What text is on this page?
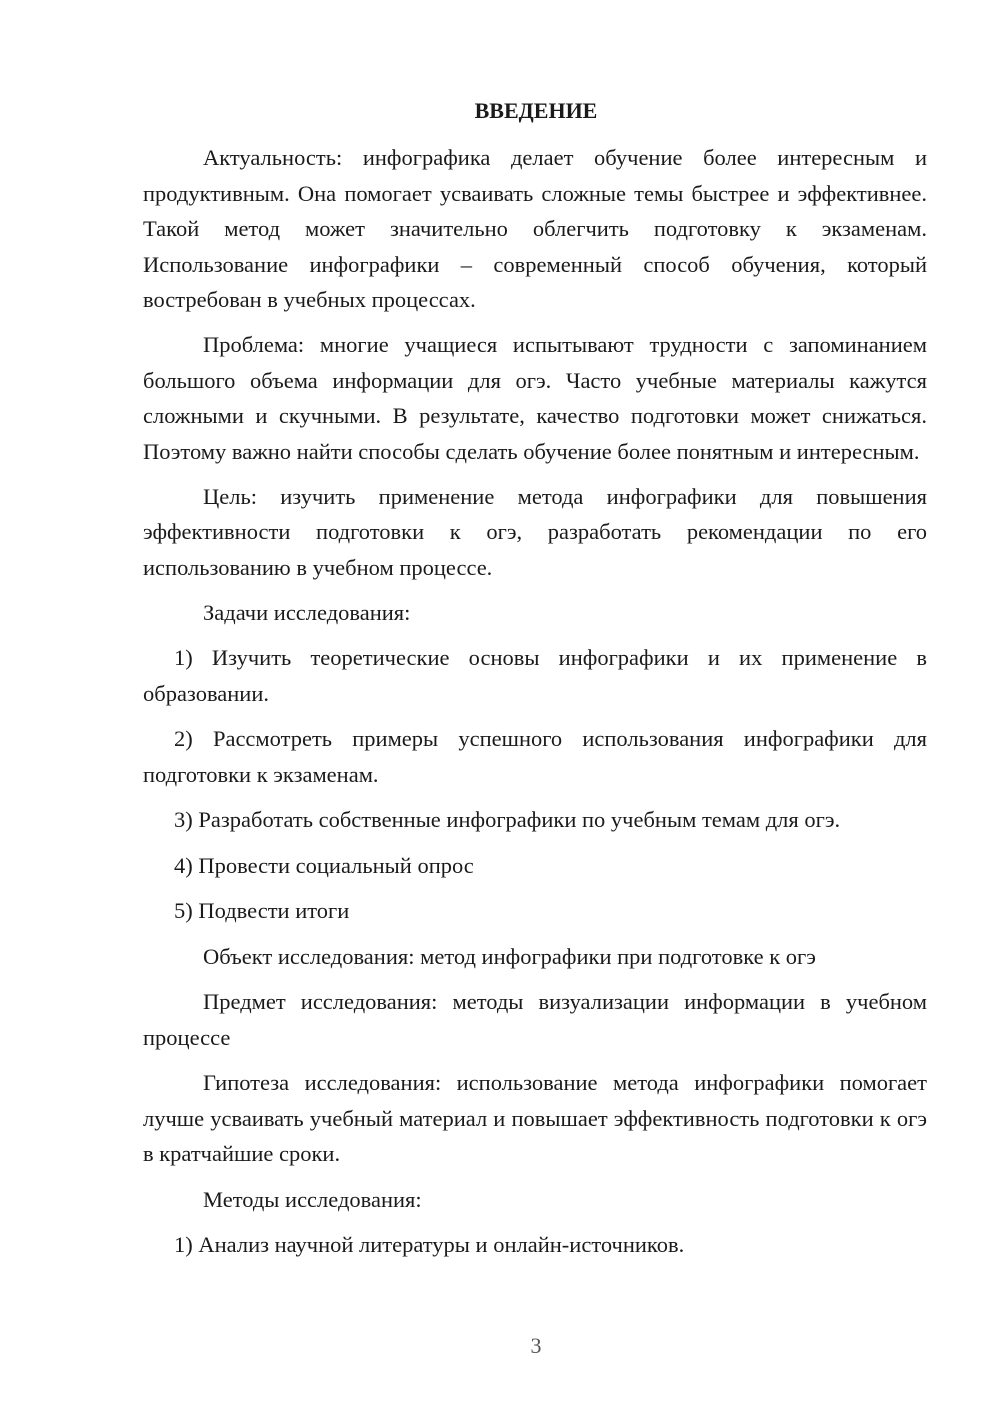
ВВЕДЕНИЕ

Актуальность: инфографика делает обучение более интересным и продуктивным. Она помогает усваивать сложные темы быстрее и эффективнее. Такой метод может значительно облегчить подготовку к экзаменам. Использование инфографики – современный способ обучения, который востребован в учебных процессах.

Проблема: многие учащиеся испытывают трудности с запоминанием большого объема информации для огэ. Часто учебные материалы кажутся сложными и скучными. В результате, качество подготовки может снижаться. Поэтому важно найти способы сделать обучение более понятным и интересным.

Цель: изучить применение метода инфографики для повышения эффективности подготовки к огэ, разработать рекомендации по его использованию в учебном процессе.

Задачи исследования:

1) Изучить теоретические основы инфографики и их применение в образовании.

2) Рассмотреть примеры успешного использования инфографики для подготовки к экзаменам.

3) Разработать собственные инфографики по учебным темам для огэ.

4) Провести социальный опрос

5) Подвести итоги

Объект исследования: метод инфографики при подготовке к огэ

Предмет исследования: методы визуализации информации в учебном процессе

Гипотеза исследования: использование метода инфографики помогает лучше усваивать учебный материал и повышает эффективность подготовки к огэ в кратчайшие сроки.

Методы исследования:

1) Анализ научной литературы и онлайн-источников.

3
